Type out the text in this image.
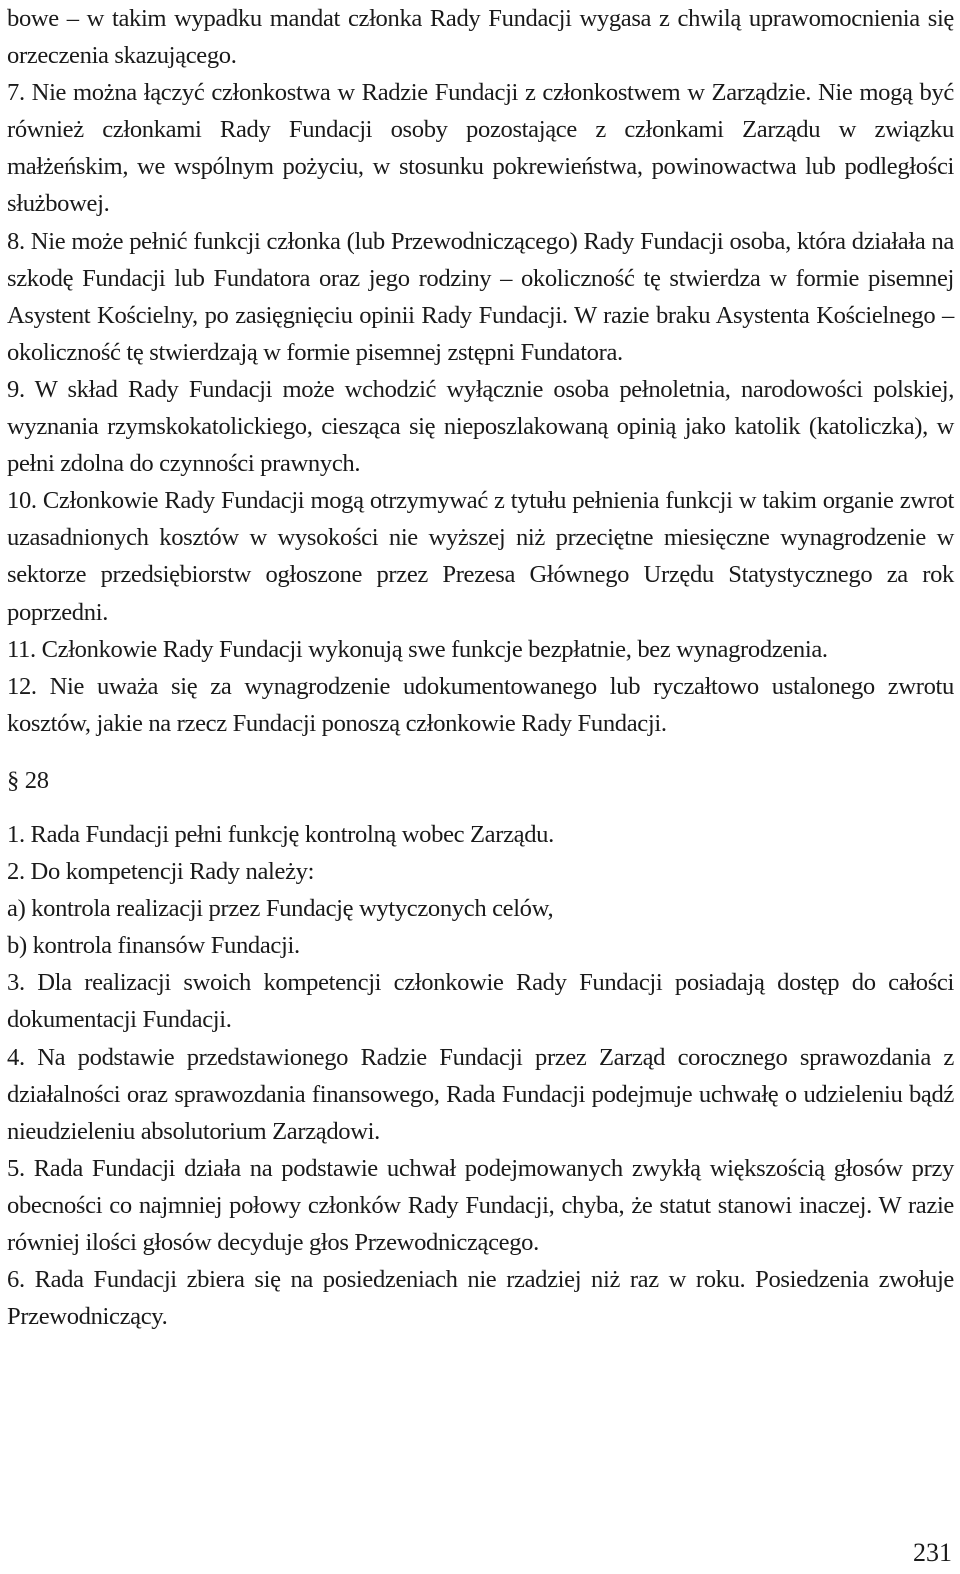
bowe – w takim wypadku mandat członka Rady Fundacji wygasa z chwilą uprawomocnienia się orzeczenia skazującego.

7. Nie można łączyć członkostwa w Radzie Fundacji z członkostwem w Zarządzie. Nie mogą być również członkami Rady Fundacji osoby pozostające z członkami Zarządu w związku małżeńskim, we wspólnym pożyciu, w stosunku pokrewieństwa, powinowactwa lub podległości służbowej.

8. Nie może pełnić funkcji członka (lub Przewodniczącego) Rady Fundacji osoba, która działała na szkodę Fundacji lub Fundatora oraz jego rodziny – okoliczność tę stwierdza w formie pisemnej Asystent Kościelny, po zasięgnięciu opinii Rady Fundacji. W razie braku Asystenta Kościelnego – okoliczność tę stwierdzają w formie pisemnej zstępni Fundatora.

9. W skład Rady Fundacji może wchodzić wyłącznie osoba pełnoletnia, narodowości polskiej, wyznania rzymskokatolickiego, ciesząca się nieposzlakowaną opinią jako katolik (katoliczka), w pełni zdolna do czynności prawnych.

10. Członkowie Rady Fundacji mogą otrzymywać z tytułu pełnienia funkcji w takim organie zwrot uzasadnionych kosztów w wysokości nie wyższej niż przeciętne miesięczne wynagrodzenie w sektorze przedsiębiorstw ogłoszone przez Prezesa Głównego Urzędu Statystycznego za rok poprzedni.

11. Członkowie Rady Fundacji wykonują swe funkcje bezpłatnie, bez wynagrodzenia.

12. Nie uważa się za wynagrodzenie udokumentowanego lub ryczałtowo ustalonego zwrotu kosztów, jakie na rzecz Fundacji ponoszą członkowie Rady Fundacji.

§ 28

1. Rada Fundacji pełni funkcję kontrolną wobec Zarządu.

2. Do kompetencji Rady należy:

a) kontrola realizacji przez Fundację wytyczonych celów,

b) kontrola finansów Fundacji.

3. Dla realizacji swoich kompetencji członkowie Rady Fundacji posiadają dostęp do całości dokumentacji Fundacji.

4. Na podstawie przedstawionego Radzie Fundacji przez Zarząd corocznego sprawozdania z działalności oraz sprawozdania finansowego, Rada Fundacji podejmuje uchwałę o udzieleniu bądź nieudzieleniu absolutorium Zarządowi.

5. Rada Fundacji działa na podstawie uchwał podejmowanych zwykłą większością głosów przy obecności co najmniej połowy członków Rady Fundacji, chyba, że statut stanowi inaczej. W razie równiej ilości głosów decyduje głos Przewodniczącego.

6. Rada Fundacji zbiera się na posiedzeniach nie rzadziej niż raz w roku. Posiedzenia zwołuje Przewodniczący.

231
